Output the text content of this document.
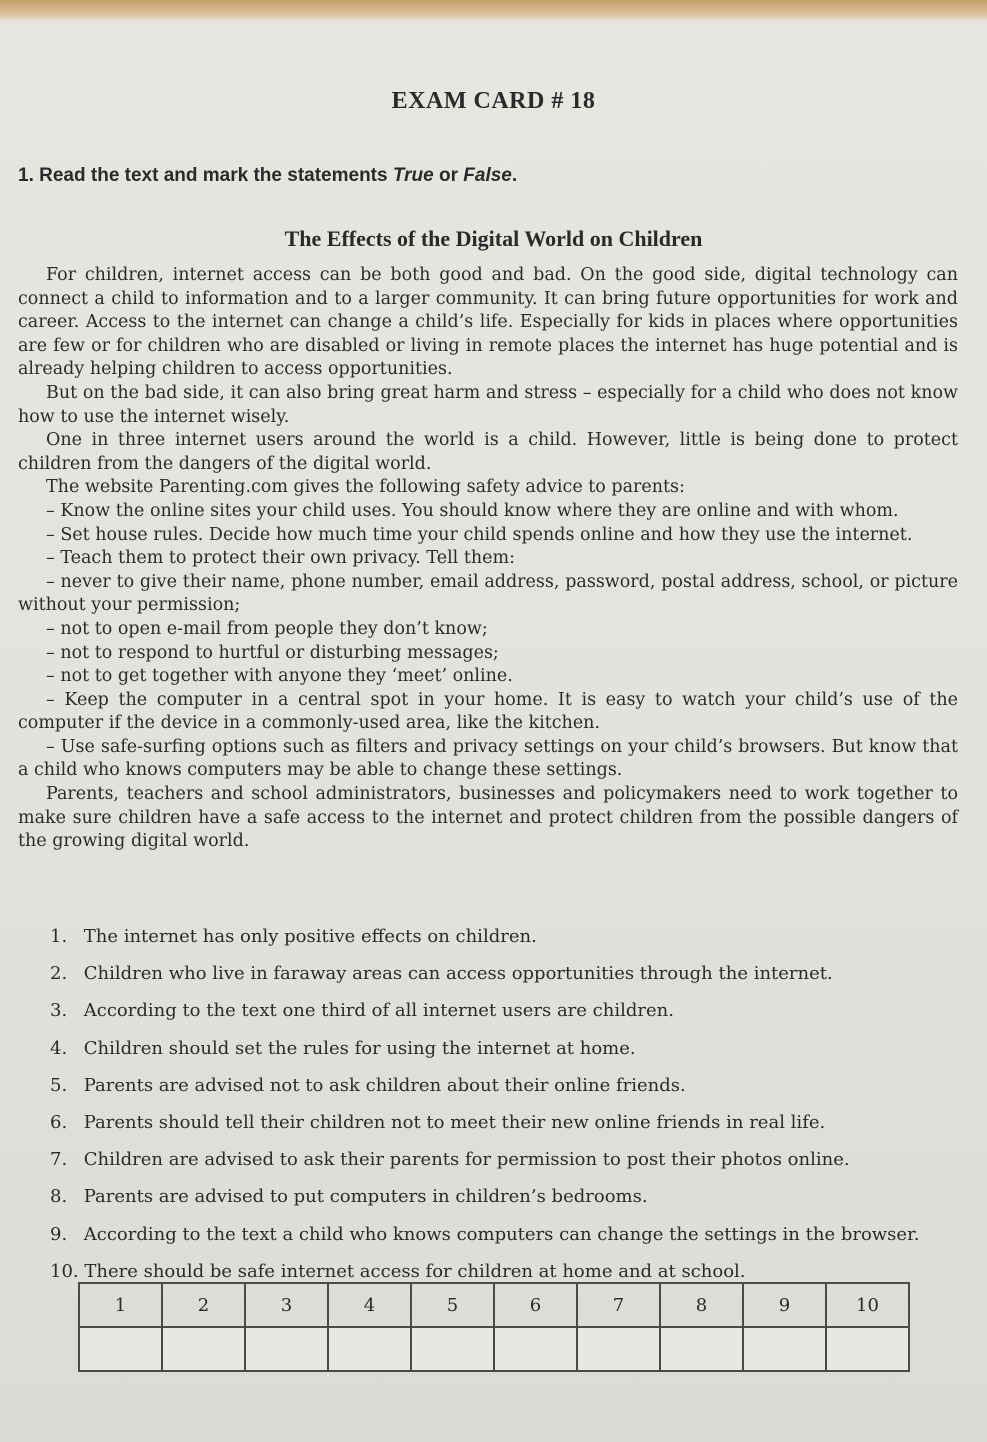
EXAM CARD # 18
1. Read the text and mark the statements True or False.
The Effects of the Digital World on Children

For children, internet access can be both good and bad. On the good side, digital technology can connect a child to information and to a larger community. It can bring future opportunities for work and career. Access to the internet can change a child’s life. Especially for kids in places where opportunities are few or for children who are disabled or living in remote places the internet has huge potential and is already helping children to access opportunities.

But on the bad side, it can also bring great harm and stress – especially for a child who does not know how to use the internet wisely.

One in three internet users around the world is a child. However, little is being done to protect children from the dangers of the digital world.

The website Parenting.com gives the following safety advice to parents:

– Know the online sites your child uses. You should know where they are online and with whom.

– Set house rules. Decide how much time your child spends online and how they use the internet.

– Teach them to protect their own privacy. Tell them:

– never to give their name, phone number, email address, password, postal address, school, or picture without your permission;

– not to open e-mail from people they don’t know;

– not to respond to hurtful or disturbing messages;

– not to get together with anyone they ‘meet’ online.

– Keep the computer in a central spot in your home. It is easy to watch your child’s use of the computer if the device in a commonly-used area, like the kitchen.

– Use safe-surfing options such as filters and privacy settings on your child’s browsers. But know that a child who knows computers may be able to change these settings.

Parents, teachers and school administrators, businesses and policymakers need to work together to make sure children have a safe access to the internet and protect children from the possible dangers of the growing digital world.

1. The internet has only positive effects on children.
2. Children who live in faraway areas can access opportunities through the internet.
3. According to the text one third of all internet users are children.
4. Children should set the rules for using the internet at home.
5. Parents are advised not to ask children about their online friends.
6. Parents should tell their children not to meet their new online friends in real life.
7. Children are advised to ask their parents for permission to post their photos online.
8. Parents are advised to put computers in children’s bedrooms.
9. According to the text a child who knows computers can change the settings in the browser.
10. There should be safe internet access for children at home and at school.
1	2	3	4	5	6	7	8	9	10
